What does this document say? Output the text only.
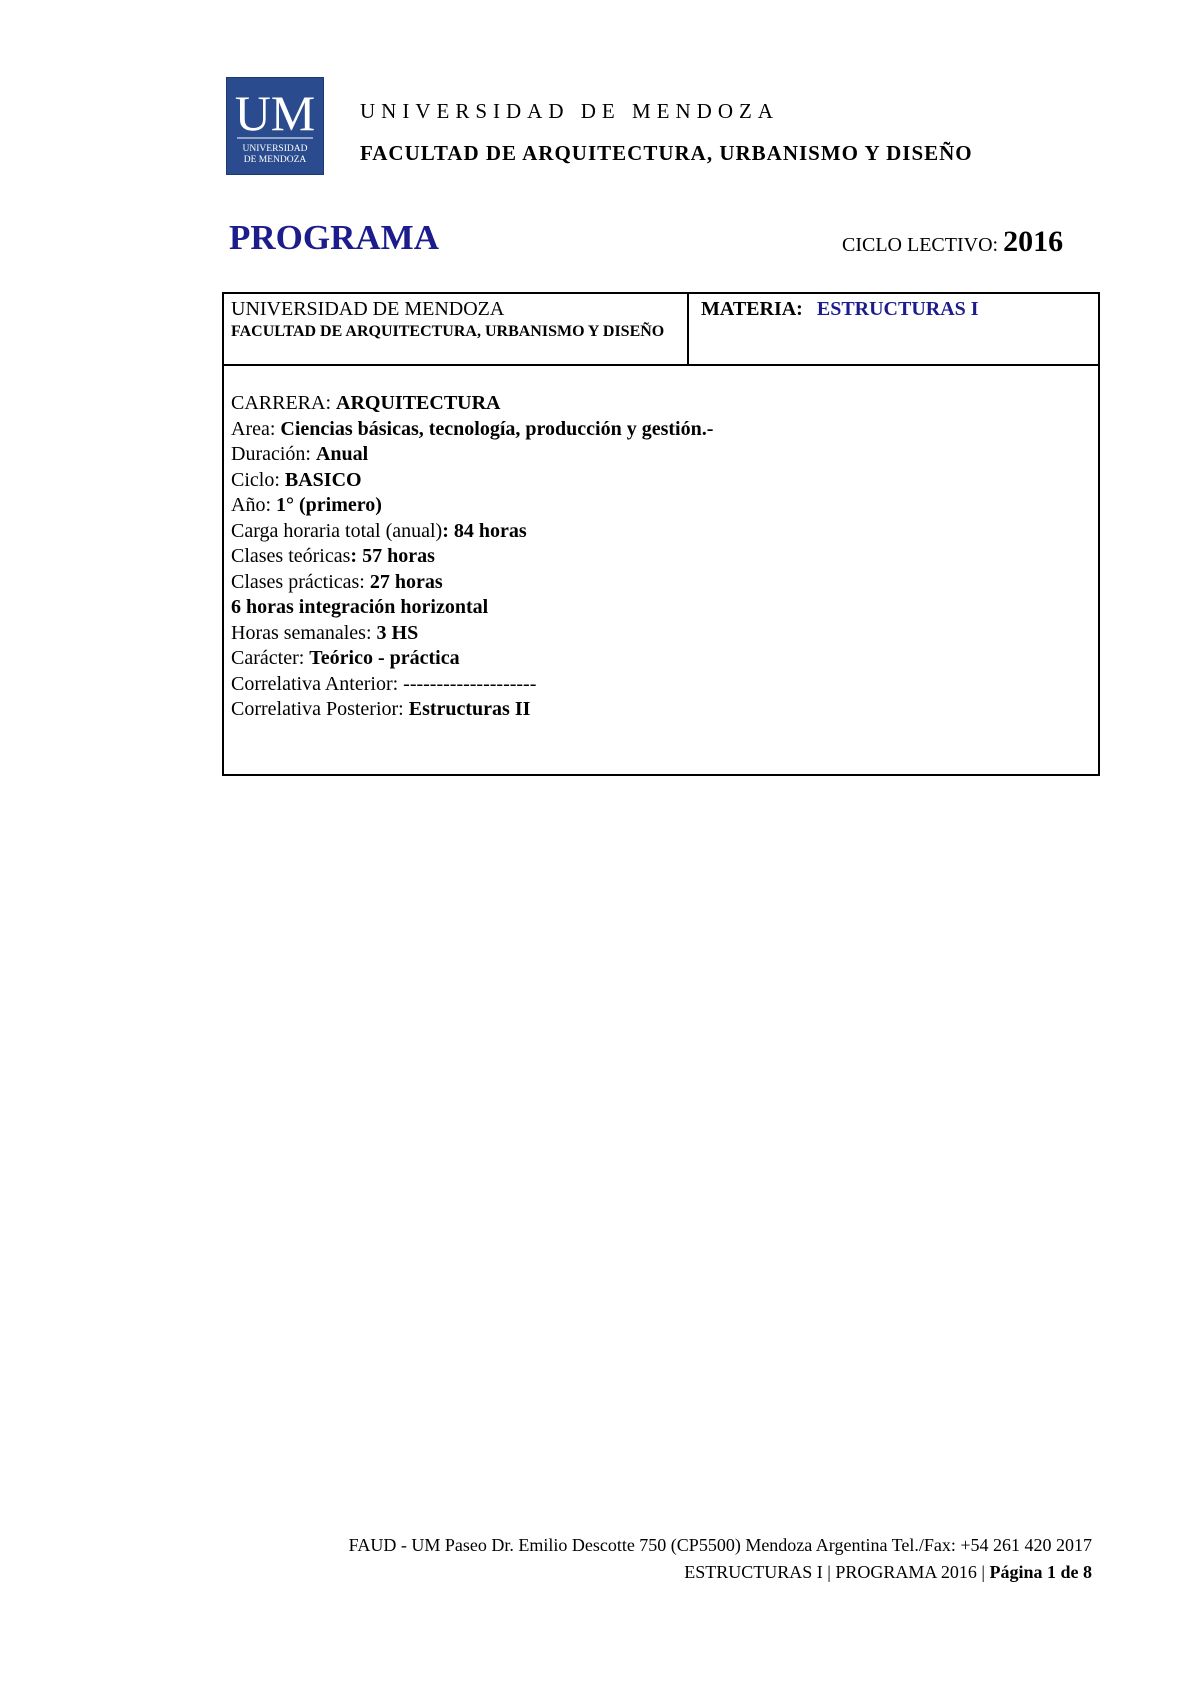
UM
UNIVERSIDAD
DE MENDOZA
UNIVERSIDAD DE MENDOZA
FACULTAD DE ARQUITECTURA, URBANISMO Y DISEÑO
PROGRAMA	CICLO LECTIVO: 2016
UNIVERSIDAD DE MENDOZA
FACULTAD DE ARQUITECTURA, URBANISMO Y DISEÑO
MATERIA: ESTRUCTURAS I
CARRERA: ARQUITECTURA
Area: Ciencias básicas, tecnología, producción y gestión.-
Duración: Anual
Ciclo: BASICO
Año: 1° (primero)
Carga horaria total (anual): 84 horas
Clases teóricas: 57 horas
Clases prácticas: 27 horas
6 horas integración horizontal
Horas semanales: 3 HS
Carácter: Teórico - práctica
Correlativa Anterior: --------------------
Correlativa Posterior: Estructuras II
FAUD - UM Paseo Dr. Emilio Descotte 750 (CP5500) Mendoza Argentina Tel./Fax: +54 261 420 2017
ESTRUCTURAS I | PROGRAMA 2016 | Página 1 de 8
